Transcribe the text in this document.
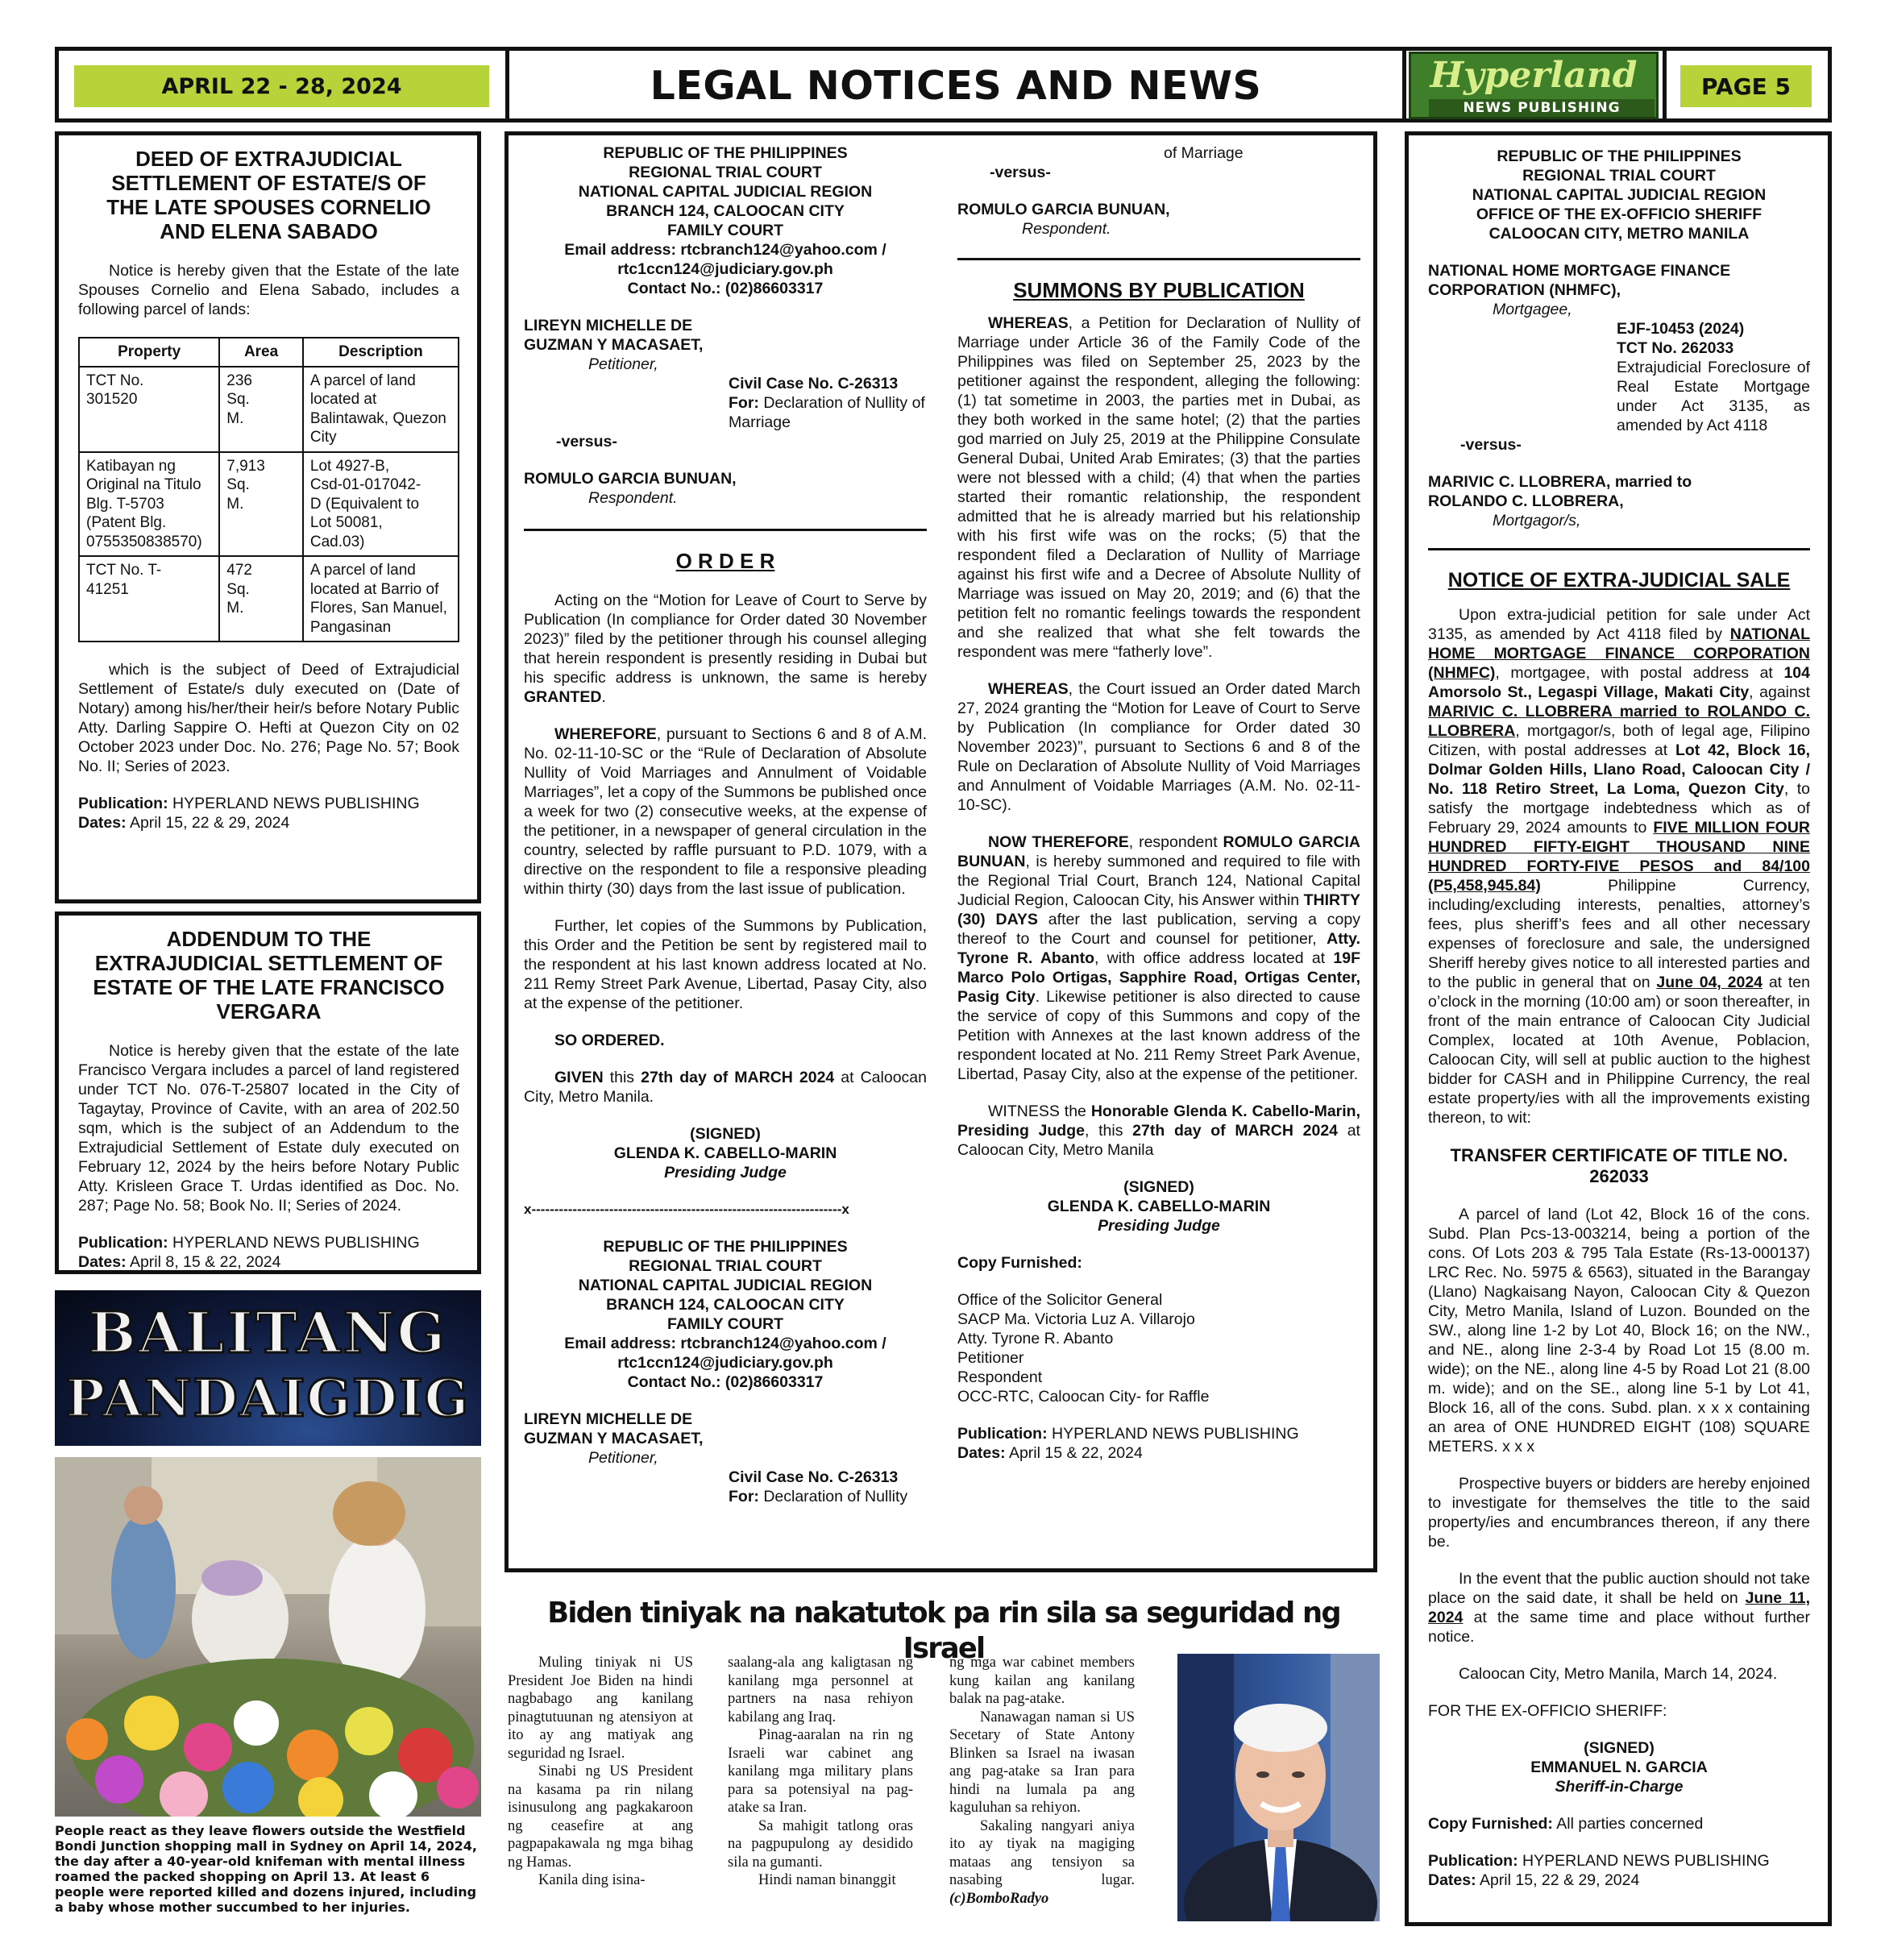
APRIL 22 - 28, 2024	LEGAL NOTICES AND NEWS	Hyperland
NEWS PUBLISHING
PAGE 5
DEED OF EXTRAJUDICIAL SETTLEMENT OF ESTATE/S OF THE LATE SPOUSES CORNELIO AND ELENA SABADO

Notice is hereby given that the Estate of the late Spouses Cornelio and Elena Sabado, includes a following parcel of lands:

Property	Area	Description
TCT No. 301520	236 Sq. M.	A parcel of land located at Balintawak, Quezon City
Katibayan ng Original na Titulo Blg. T-5703 (Patent Blg. 0755350838570)	7,913 Sq. M.	Lot 4927-B, Csd-01-017042-D (Equivalent to Lot 50081, Cad.03)
TCT No. T-41251	472 Sq. M.	A parcel of land located at Barrio of Flores, San Manuel, Pangasinan

which is the subject of Deed of Extrajudicial Settlement of Estate/s duly executed on (Date of Notary) among his/her/their heir/s before Notary Public Atty. Darling Sappire O. Hefti at Quezon City on 02 October 2023 under Doc. No. 276; Page No. 57; Book No. II; Series of 2023.

Publication: HYPERLAND NEWS PUBLISHING

Dates: April 15, 22 & 29, 2024

ADDENDUM TO THE EXTRAJUDICIAL SETTLEMENT OF ESTATE OF THE LATE FRANCISCO VERGARA

Notice is hereby given that the estate of the late Francisco Vergara includes a parcel of land registered under TCT No. 076-T-25807 located in the City of Tagaytay, Province of Cavite, with an area of 202.50 sqm, which is the subject of an Addendum to the Extrajudicial Settlement of Estate duly executed on February 12, 2024 by the heirs before Notary Public Atty. Krisleen Grace T. Urdas identified as Doc. No. 287; Page No. 58; Book No. II; Series of 2024.

Publication: HYPERLAND NEWS PUBLISHING

Dates: April 8, 15 & 22, 2024

BALITANG
PANDAIGDIG
People react as they leave flowers outside the Westfield Bondi Junction shopping mall in Sydney on April 14, 2024, the day after a 40-year-old knifeman with mental illness roamed the packed shopping on April 13. At least 6 people were reported killed and dozens injured, including a baby whose mother succumbed to her injuries.
REPUBLIC OF THE PHILIPPINES
REGIONAL TRIAL COURT
NATIONAL CAPITAL JUDICIAL REGION
BRANCH 124, CALOOCAN CITY
FAMILY COURT
Email address: rtcbranch124@yahoo.com /
rtc1ccn124@judiciary.gov.ph
Contact No.: (02)86603317
LIREYN MICHELLE DE GUZMAN Y MACASAET,
Petitioner,
Civil Case No. C-26313
For: Declaration of Nullity of Marriage
-versus-
ROMULO GARCIA BUNUAN,
Respondent.
O R D E R

Acting on the “Motion for Leave of Court to Serve by Publication (In compliance for Order dated 30 November 2023)” filed by the petitioner through his counsel alleging that herein respondent is presently residing in Dubai but his specific address is unknown, the same is hereby GRANTED.

WHEREFORE, pursuant to Sections 6 and 8 of A.M. No. 02-11-10-SC or the “Rule of Declaration of Absolute Nullity of Void Marriages and Annulment of Voidable Marriages”, let a copy of the Summons be published once a week for two (2) consecutive weeks, at the expense of the petitioner, in a newspaper of general circulation in the country, selected by raffle pursuant to P.D. 1079, with a directive on the respondent to file a responsive pleading within thirty (30) days from the last issue of publication.

Further, let copies of the Summons by Publication, this Order and the Petition be sent by registered mail to the respondent at his last known address located at No. 211 Remy Street Park Avenue, Libertad, Pasay City, also at the expense of the petitioner.

SO ORDERED.

GIVEN this 27th day of MARCH 2024 at Caloocan City, Metro Manila.

(SIGNED)
GLENDA K. CABELLO-MARIN
Presiding Judge
x--------------------------------------------------------------------x
REPUBLIC OF THE PHILIPPINES
REGIONAL TRIAL COURT
NATIONAL CAPITAL JUDICIAL REGION
BRANCH 124, CALOOCAN CITY
FAMILY COURT
Email address: rtcbranch124@yahoo.com /
rtc1ccn124@judiciary.gov.ph
Contact No.: (02)86603317
LIREYN MICHELLE DE GUZMAN Y MACASAET,
Petitioner,
Civil Case No. C-26313
For: Declaration of Nullity
of Marriage
-versus-
ROMULO GARCIA BUNUAN,
Respondent.
SUMMONS BY PUBLICATION

WHEREAS, a Petition for Declaration of Nullity of Marriage under Article 36 of the Family Code of the Philippines was filed on September 25, 2023 by the petitioner against the respondent, alleging the following: (1) tat sometime in 2003, the parties met in Dubai, as they both worked in the same hotel; (2) that the parties god married on July 25, 2019 at the Philippine Consulate General Dubai, United Arab Emirates; (3) that the parties were not blessed with a child; (4) that when the parties started their romantic relationship, the respondent admitted that he is already married but his relationship with his first wife was on the rocks; (5) that the respondent filed a Declaration of Nullity of Marriage against his first wife and a Decree of Absolute Nullity of Marriage was issued on May 20, 2019; and (6) that the petition felt no romantic feelings towards the respondent and she realized that what she felt towards the respondent was mere “fatherly love”.

WHEREAS, the Court issued an Order dated March 27, 2024 granting the “Motion for Leave of Court to Serve by Publication (In compliance for Order dated 30 November 2023)”, pursuant to Sections 6 and 8 of the Rule on Declaration of Absolute Nullity of Void Marriages and Annulment of Voidable Marriages (A.M. No. 02-11-10-SC).

NOW THEREFORE, respondent ROMULO GARCIA BUNUAN, is hereby summoned and required to file with the Regional Trial Court, Branch 124, National Capital Judicial Region, Caloocan City, his Answer within THIRTY (30) DAYS after the last publication, serving a copy thereof to the Court and counsel for petitioner, Atty. Tyrone R. Abanto, with office address located at 19F Marco Polo Ortigas, Sapphire Road, Ortigas Center, Pasig City. Likewise petitioner is also directed to cause the service of copy of this Summons and copy of the Petition with Annexes at the last known address of the respondent located at No. 211 Remy Street Park Avenue, Libertad, Pasay City, also at the expense of the petitioner.

WITNESS the Honorable Glenda K. Cabello-Marin, Presiding Judge, this 27th day of MARCH 2024 at Caloocan City, Metro Manila

(SIGNED)
GLENDA K. CABELLO-MARIN
Presiding Judge
Copy Furnished:
Office of the Solicitor General
SACP Ma. Victoria Luz A. Villarojo
Atty. Tyrone R. Abanto
Petitioner
Respondent
OCC-RTC, Caloocan City- for Raffle

Publication: HYPERLAND NEWS PUBLISHING

Dates: April 15 & 22, 2024

Biden tiniyak na nakatutok pa rin sila sa seguridad ng Israel

Muling tiniyak ni US President Joe Biden na hindi nagbabago ang kanilang pinagtutuunan ng atensiyon at ito ay ang matiyak ang seguridad ng Israel.

Sinabi ng US President na kasama pa rin nilang isinusulong ang pagkakaroon ng ceasefire at ang pagpapakawala ng mga bihag ng Hamas.

Kanila ding isina-

saalang-ala ang kaligtasan ng kanilang mga personnel at partners na nasa rehiyon kabilang ang Iraq.

Pinag-aaralan na rin ng Israeli war cabinet ang kanilang mga military plans para sa potensiyal na pag-atake sa Iran.

Sa mahigit tatlong oras na pagpupulong ay desidido sila na gumanti.

Hindi naman binanggit

ng mga war cabinet members kung kailan ang kanilang balak na pag-atake.

Nanawagan naman si US Secetary of State Antony Blinken sa Israel na iwasan ang pag-atake sa Iran para hindi na lumala pa ang kaguluhan sa rehiyon.

Sakaling nangyari aniya ito ay tiyak na magiging mataas ang tensiyon sa nasabing lugar. (c)BomboRadyo

REPUBLIC OF THE PHILIPPINES
REGIONAL TRIAL COURT
NATIONAL CAPITAL JUDICIAL REGION
OFFICE OF THE EX-OFFICIO SHERIFF
CALOOCAN CITY, METRO MANILA
NATIONAL HOME MORTGAGE FINANCE CORPORATION (NHMFC),
Mortgagee,
EJF-10453 (2024)
TCT No. 262033
Extrajudicial Foreclosure of Real Estate Mortgage under Act 3135, as amended by Act 4118
-versus-
MARIVIC C. LLOBRERA, married to ROLANDO C. LLOBRERA,
Mortgagor/s,
NOTICE OF EXTRA-JUDICIAL SALE

Upon extra-judicial petition for sale under Act 3135, as amended by Act 4118 filed by NATIONAL HOME MORTGAGE FINANCE CORPORATION (NHMFC), mortgagee, with postal address at 104 Amorsolo St., Legaspi Village, Makati City, against MARIVIC C. LLOBRERA married to ROLANDO C. LLOBRERA, mortgagor/s, both of legal age, Filipino Citizen, with postal addresses at Lot 42, Block 16, Dolmar Golden Hills, Llano Road, Caloocan City / No. 118 Retiro Street, La Loma, Quezon City, to satisfy the mortgage indebtedness which as of February 29, 2024 amounts to FIVE MILLION FOUR HUNDRED FIFTY-EIGHT THOUSAND NINE HUNDRED FORTY-FIVE PESOS and 84/100 (P5,458,945.84) Philippine Currency, including/excluding interests, penalties, attorney’s fees, plus sheriff’s fees and all other necessary expenses of foreclosure and sale, the undersigned Sheriff hereby gives notice to all interested parties and to the public in general that on June 04, 2024 at ten o’clock in the morning (10:00 am) or soon thereafter, in front of the main entrance of Caloocan City Judicial Complex, located at 10th Avenue, Poblacion, Caloocan City, will sell at public auction to the highest bidder for CASH and in Philippine Currency, the real estate property/ies with all the improvements existing thereon, to wit:

TRANSFER CERTIFICATE OF TITLE NO. 262033

A parcel of land (Lot 42, Block 16 of the cons. Subd. Plan Pcs-13-003214, being a portion of the cons. Of Lots 203 & 795 Tala Estate (Rs-13-000137) LRC Rec. No. 5975 & 6563), situated in the Barangay (Llano) Nagkaisang Nayon, Caloocan City & Quezon City, Metro Manila, Island of Luzon. Bounded on the SW., along line 1-2 by Lot 40, Block 16; on the NW., and NE., along line 2-3-4 by Road Lot 15 (8.00 m. wide); on the NE., along line 4-5 by Road Lot 21 (8.00 m. wide); and on the SE., along line 5-1 by Lot 41, Block 16, all of the cons. Subd. plan. x x x containing an area of ONE HUNDRED EIGHT (108) SQUARE METERS. x x x

Prospective buyers or bidders are hereby enjoined to investigate for themselves the title to the said property/ies and encumbrances thereon, if any there be.

In the event that the public auction should not take place on the said date, it shall be held on June 11, 2024 at the same time and place without further notice.

Caloocan City, Metro Manila, March 14, 2024.

FOR THE EX-OFFICIO SHERIFF:

(SIGNED)
EMMANUEL N. GARCIA
Sheriff-in-Charge

Copy Furnished: All parties concerned

Publication: HYPERLAND NEWS PUBLISHING

Dates: April 15, 22 & 29, 2024
